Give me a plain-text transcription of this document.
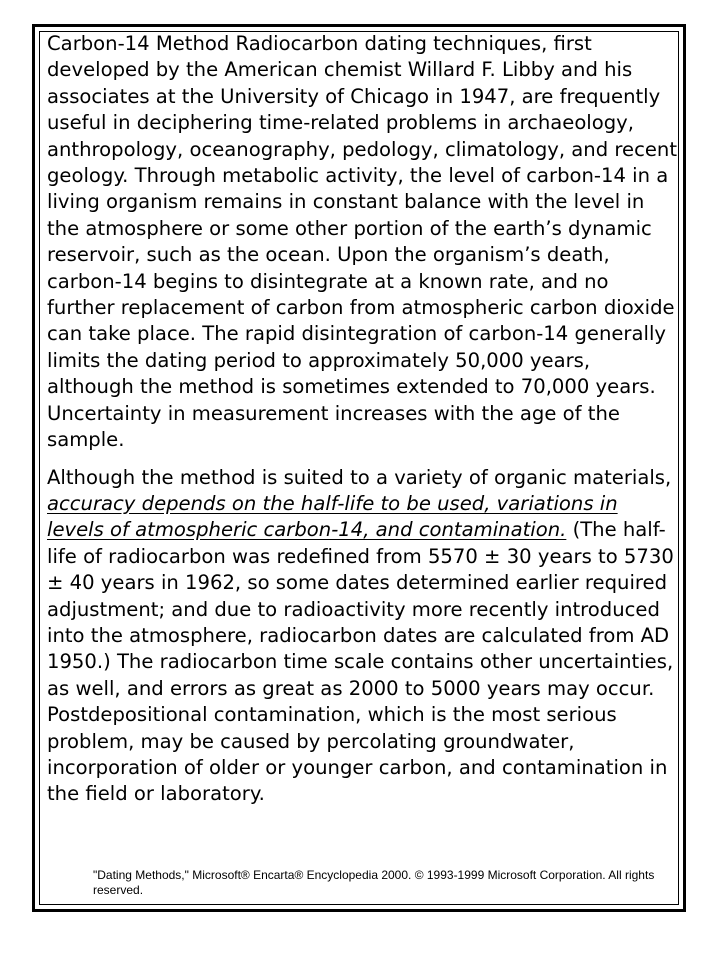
Carbon-14 Method Radiocarbon dating techniques, first developed by the American chemist Willard F. Libby and his associates at the University of Chicago in 1947, are frequently useful in deciphering time-related problems in archaeology, anthropology, oceanography, pedology, climatology, and recent geology. Through metabolic activity, the level of carbon-14 in a living organism remains in constant balance with the level in the atmosphere or some other portion of the earth’s dynamic reservoir, such as the ocean. Upon the organism’s death, carbon-14 begins to disintegrate at a known rate, and no further replacement of carbon from atmospheric carbon dioxide can take place. The rapid disintegration of carbon-14 generally limits the dating period to approximately 50,000 years, although the method is sometimes extended to 70,000 years. Uncertainty in measurement increases with the age of the sample.

Although the method is suited to a variety of organic materials, accuracy depends on the half-life to be used, variations in levels of atmospheric carbon-14, and contamination. (The half-life of radiocarbon was redefined from 5570 ± 30 years to 5730 ± 40 years in 1962, so some dates determined earlier required adjustment; and due to radioactivity more recently introduced into the atmosphere, radiocarbon dates are calculated from AD 1950.) The radiocarbon time scale contains other uncertainties, as well, and errors as great as 2000 to 5000 years may occur. Postdepositional contamination, which is the most serious problem, may be caused by percolating groundwater, incorporation of older or younger carbon, and contamination in the field or laboratory.

"Dating Methods," Microsoft® Encarta® Encyclopedia 2000. © 1993-1999 Microsoft Corporation. All rights reserved.
